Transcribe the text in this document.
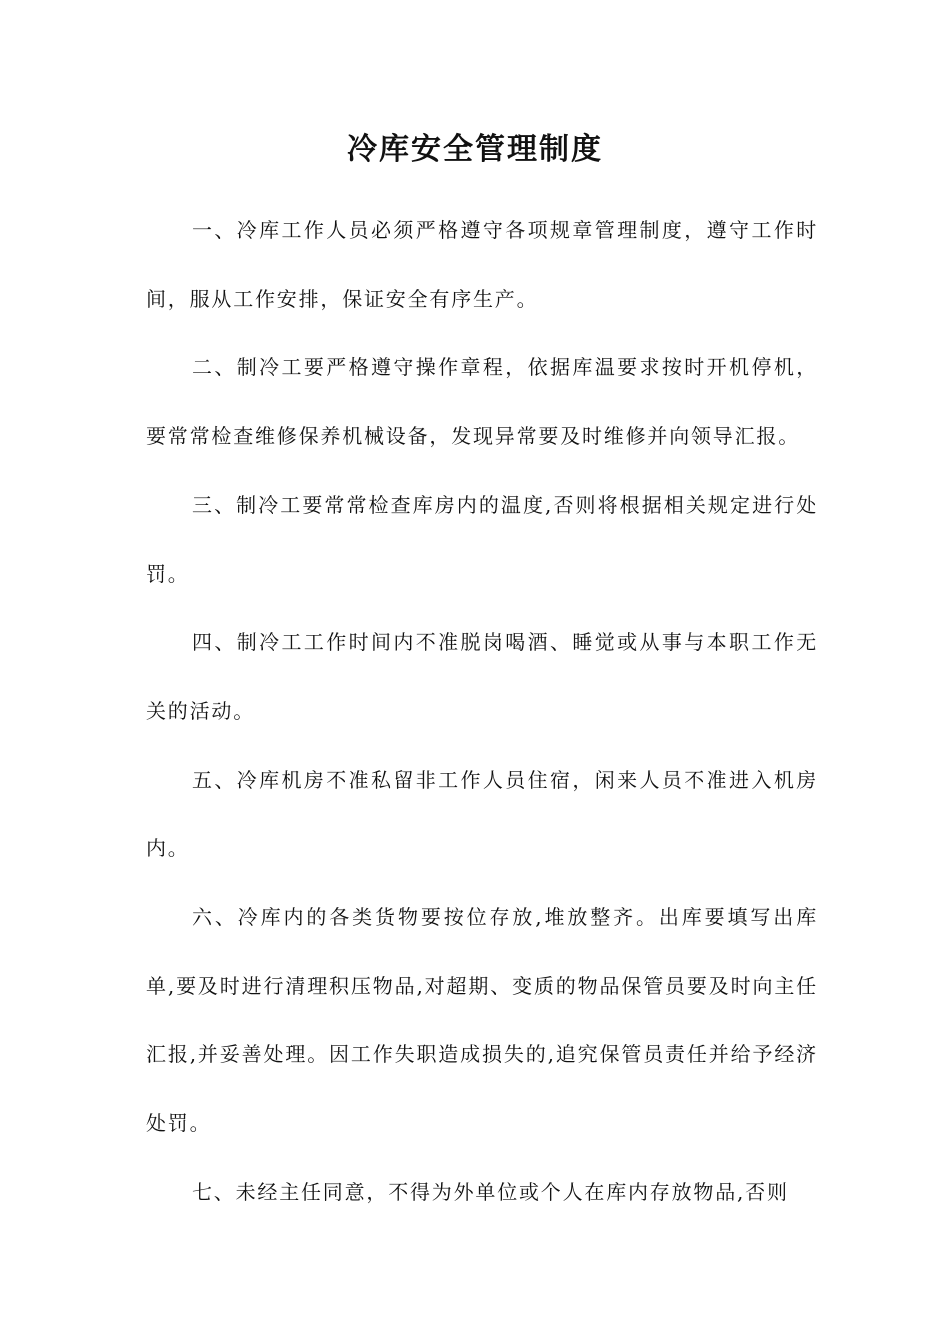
冷库安全管理制度

一、冷库工作人员必须严格遵守各项规章管理制度，遵守工作时间，服从工作安排，保证安全有序生产。

二、制冷工要严格遵守操作章程，依据库温要求按时开机停机，要常常检查维修保养机械设备，发现异常要及时维修并向领导汇报。

三、制冷工要常常检查库房内的温度,否则将根据相关规定进行处罚。

四、制冷工工作时间内不准脱岗喝酒、睡觉或从事与本职工作无关的活动。

五、冷库机房不准私留非工作人员住宿，闲来人员不准进入机房内。

六、冷库内的各类货物要按位存放,堆放整齐。出库要填写出库单,要及时进行清理积压物品,对超期、变质的物品保管员要及时向主任汇报,并妥善处理。因工作失职造成损失的,追究保管员责任并给予经济处罚。

七、未经主任同意，不得为外单位或个人在库内存放物品,否则
